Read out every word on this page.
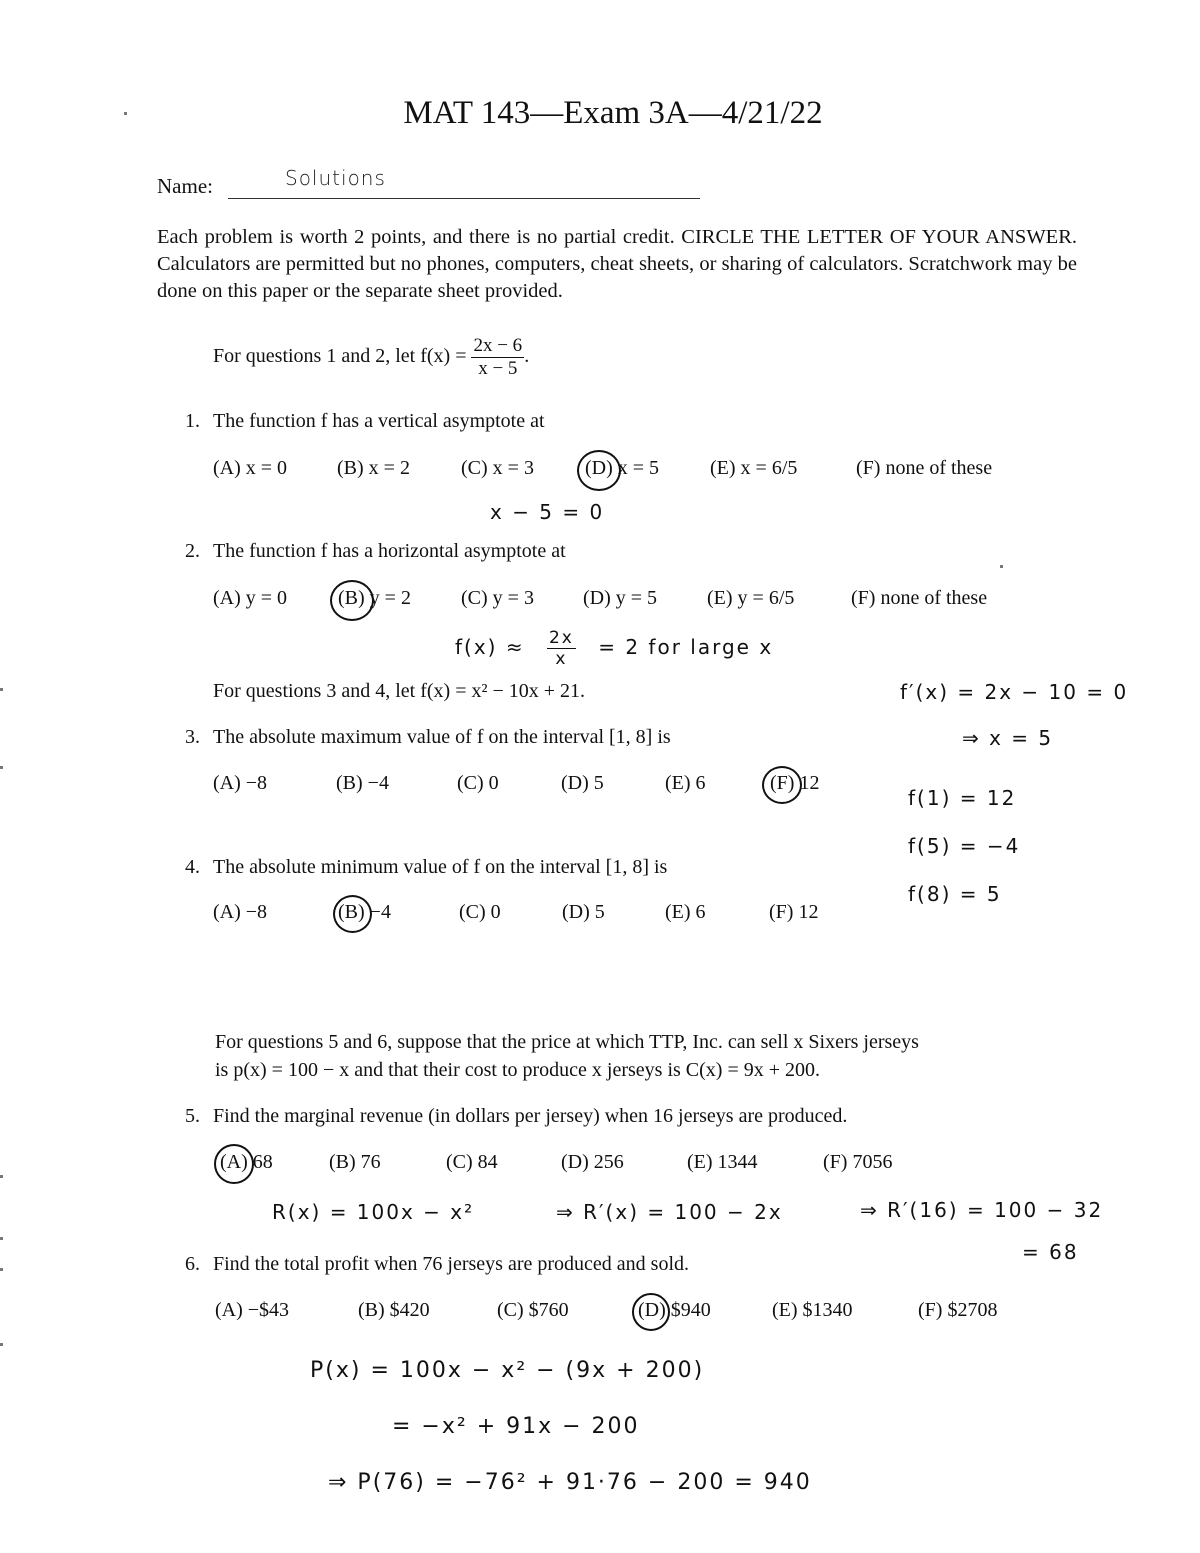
MAT 143—Exam 3A—4/21/22
Name:	Solutions
Each problem is worth 2 points, and there is no partial credit. CIRCLE THE LETTER OF YOUR ANSWER. Calculators are permitted but no phones, computers, cheat sheets, or sharing of calculators. Scratchwork may be done on this paper or the separate sheet provided.
For questions 1 and 2, let $f(x) = \frac{2x - 6}{x - 5}$ .
1. The function f has a vertical asymptote at
(A) x = 0 (B) x = 2	(C) x = 3	(D) x = 5	(E) x = 6/5	(F) none of these
x − 5 = 0
2. The function f has a horizontal asymptote at
(A) y = 0	(B) y = 2	(C) y = 3 (D) y = 5 (E) y = 6/5	(F) none of these
$f(x) \approx \frac{2x}{x} = 2$ for large x
For questions 3 and 4, let f(x) = x² − 10x + 21.	f′(x) = 2x − 10 = 0
⇒ x = 5
f(1) = 12
f(5) = −4
f(8) = 5
3. The absolute maximum value of f on the interval [1, 8] is
(A) −8	(B) −4	(C) 0	(D) 5	(E) 6	(F) 12
4. The absolute minimum value of f on the interval [1, 8] is
(A) −8	(B) −4	(C) 0	(D) 5	(E) 6	(F) 12
For questions 5 and 6, suppose that the price at which TTP, Inc. can sell x Sixers jerseys
is p(x) = 100 − x and that their cost to produce x jerseys is C(x) = 9x + 200.
5. Find the marginal revenue (in dollars per jersey) when 16 jerseys are produced.
(A) 68	(B) 76	(C) 84	(D) 256	(E) 1344	(F) 7056
R(x) = 100x − x²	⇒ R′(x) = 100 − 2x	⇒ R′(16) = 100 − 32
= 68
6. Find the total profit when 76 jerseys are produced and sold.
(A) −$43	(B) $420	(C) $760	(D) $940	(E) $1340	(F) $2708
P(x) = 100x − x² − (9x + 200)
= −x² + 91x − 200
⇒ P(76) = −76² + 91·76 − 200 = 940
